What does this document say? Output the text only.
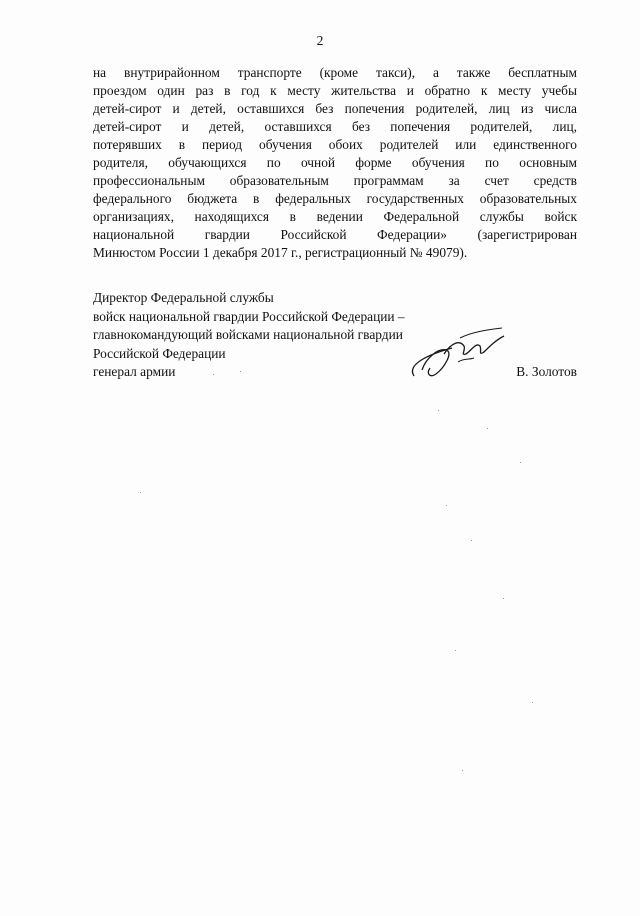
2
на внутрирайонном транспорте (кроме такси), а также бесплатным
проездом один раз в год к месту жительства и обратно к месту учебы
детей-сирот и детей, оставшихся без попечения родителей, лиц из числа
детей-сирот и детей, оставшихся без попечения родителей, лиц,
потерявших в период обучения обоих родителей или единственного
родителя, обучающихся по очной форме обучения по основным
профессиональным образовательным программам за счет средств
федерального бюджета в федеральных государственных образовательных
организациях, находящихся в ведении Федеральной службы войск
национальной гвардии Российской Федерации» (зарегистрирован
Минюстом России 1 декабря 2017 г., регистрационный № 49079).
Директор Федеральной службы
войск национальной гвардии Российской Федерации –
главнокомандующий войсками национальной гвардии
Российской Федерации
генерал армии	В. Золотов
